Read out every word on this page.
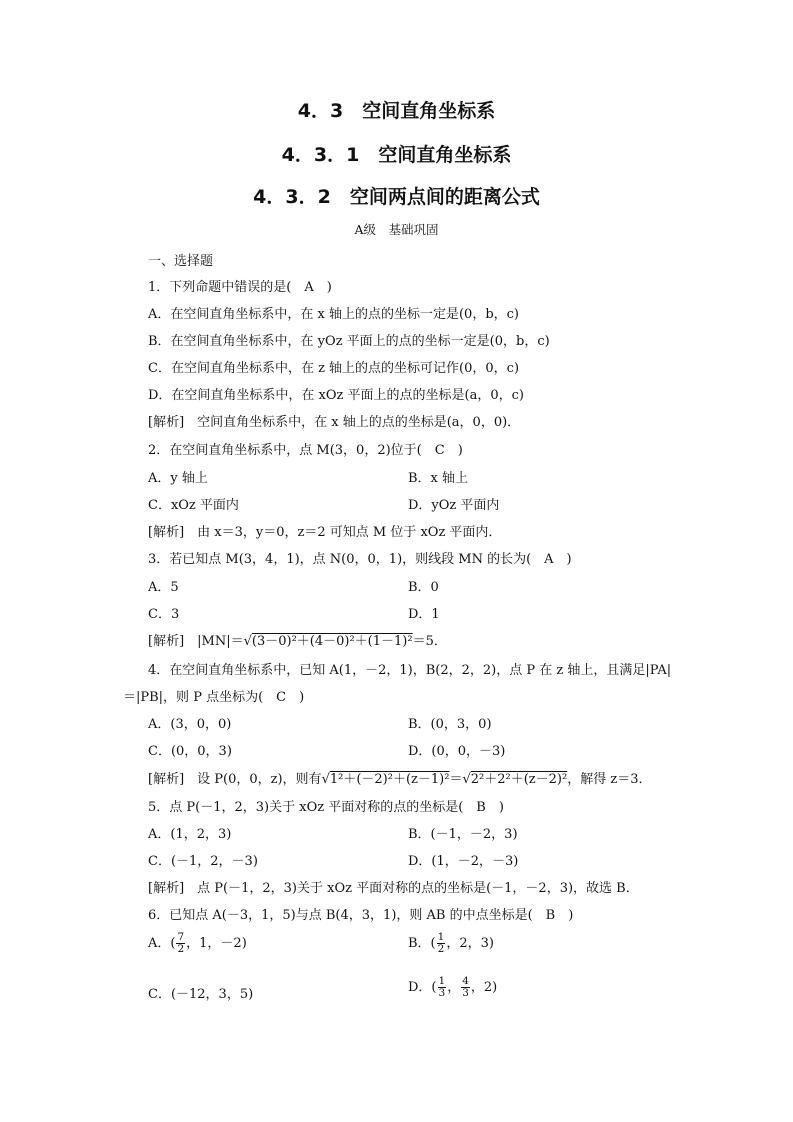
4．3　空间直角坐标系
4．3．1　空间直角坐标系
4．3．2　空间两点间的距离公式
A级　基础巩固
一、选择题
1．下列命题中错误的是(　A　)
A．在空间直角坐标系中，在 x 轴上的点的坐标一定是(0，b，c)
B．在空间直角坐标系中，在 yOz 平面上的点的坐标一定是(0，b，c)
C．在空间直角坐标系中，在 z 轴上的点的坐标可记作(0，0，c)
D．在空间直角坐标系中，在 xOz 平面上的点的坐标是(a，0，c)
[解析]　空间直角坐标系中，在 x 轴上的点的坐标是(a，0，0)．
2．在空间直角坐标系中，点 M(3，0，2)位于(　C　)
A．y 轴上	B．x 轴上
C．xOz 平面内	D．yOz 平面内
[解析]　由 x＝3，y＝0，z＝2 可知点 M 位于 xOz 平面内．
3．若已知点 M(3，4，1)，点 N(0，0，1)，则线段 MN 的长为(　A　)
A．5	B．0
C．3	D．1
[解析]　|MN|＝√(3－0)²＋(4－0)²＋(1－1)²＝5．
4．在空间直角坐标系中，已知 A(1，－2，1)，B(2，2，2)，点 P 在 z 轴上，且满足|PA|
＝|PB|，则 P 点坐标为(　C　)
A．(3，0，0)	B．(0，3，0)
C．(0，0，3)	D．(0，0，－3)
[解析]　设 P(0，0，z)，则有√1²＋(－2)²＋(z－1)²＝√2²＋2²＋(z－2)²，解得 z＝3．
5．点 P(－1，2，3)关于 xOz 平面对称的点的坐标是(　B　)
A．(1，2，3)	B．(－1，－2，3)
C．(－1，2，－3)	D．(1，－2，－3)
[解析]　点 P(－1，2，3)关于 xOz 平面对称的点的坐标是(－1，－2，3)，故选 B．
6．已知点 A(－3，1，5)与点 B(4，3，1)，则 AB 的中点坐标是(　B　)
A．( $\frac{7}{2}$ ，1，－2)	B．( $\frac{1}{2}$ ，2，3)
C．(－12，3，5)	D．( $\frac{1}{3}$ ， $\frac{4}{3}$ ，2)
